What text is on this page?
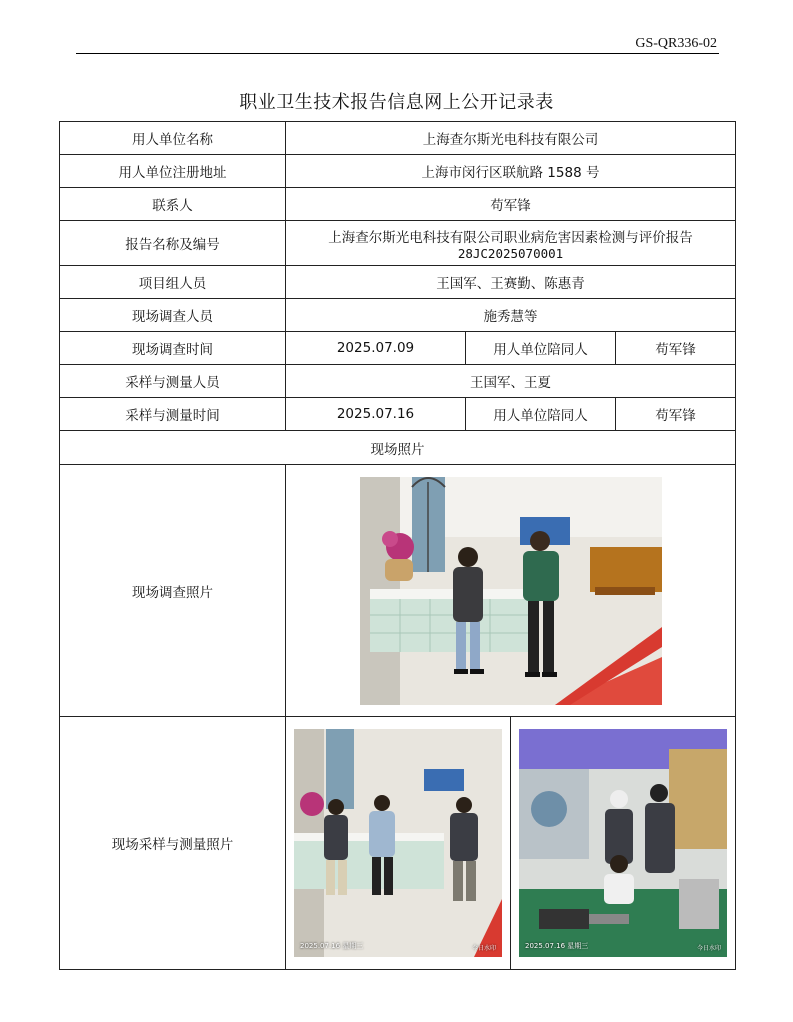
GS-QR336-02
职业卫生技术报告信息网上公开记录表
用人单位名称	上海查尔斯光电科技有限公司		
用人单位注册地址	上海市闵行区联航路 1588 号		
联系人	苟军锋		
报告名称及编号	上海查尔斯光电科技有限公司职业病危害因素检测与评价报告
28JC2025070001		

项目组人员	王国军、王赛勤、陈惠青		
现场调查人员	施秀慧等		
现场调查时间	2025.07.09	用人单位陪同人	苟军锋
采样与测量人员	王国军、王夏		
采样与测量时间	2025.07.16	用人单位陪同人	苟军锋
现场照片			
现场调查照片	

现场采样与测量照片	2025.07.16 星期三 今日水印 2025.07.16 星期三 今日水印		
